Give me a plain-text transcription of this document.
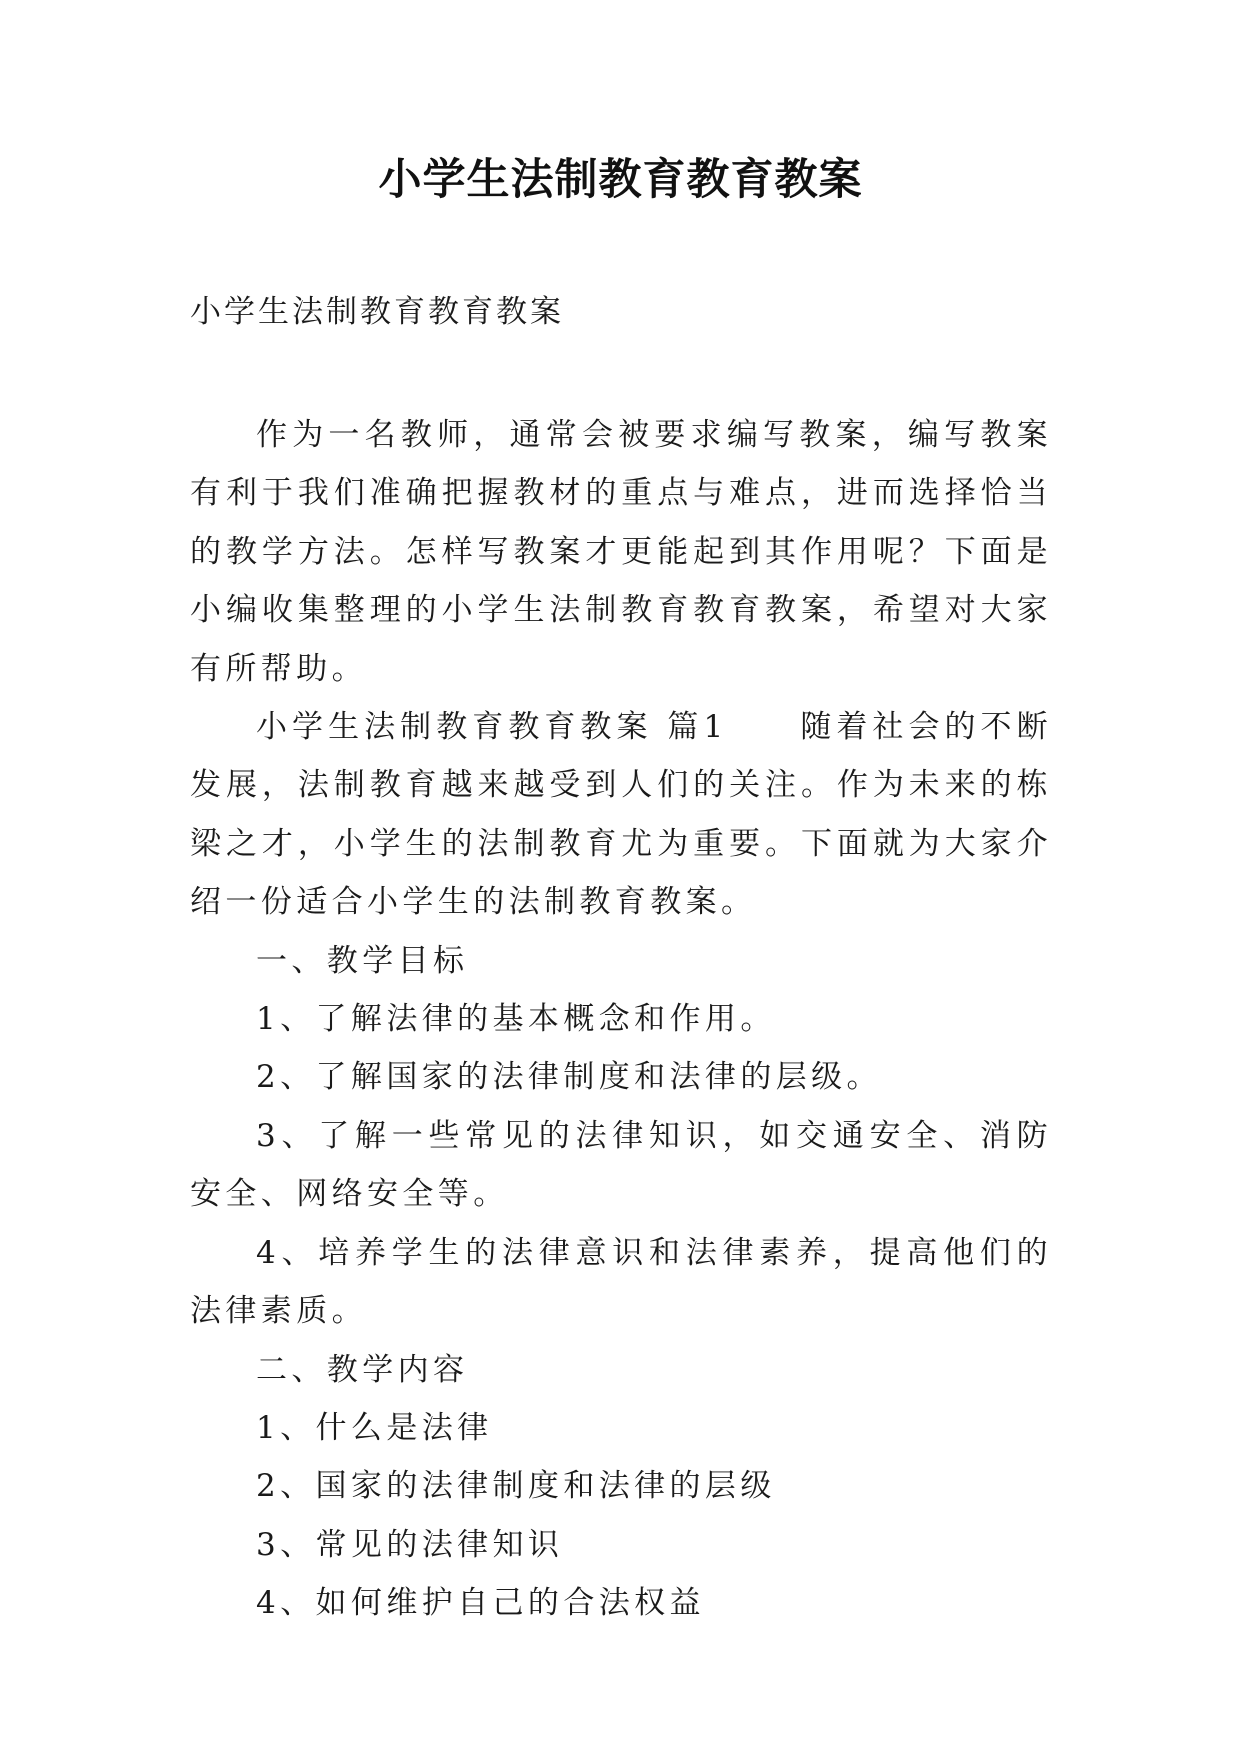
小学生法制教育教育教案

小学生法制教育教育教案

作为一名教师，通常会被要求编写教案，编写教案有利于我们准确把握教材的重点与难点，进而选择恰当的教学方法。怎样写教案才更能起到其作用呢？下面是小编收集整理的小学生法制教育教育教案，希望对大家有所帮助。

小学生法制教育教育教案 篇1　　随着社会的不断发展，法制教育越来越受到人们的关注。作为未来的栋梁之才，小学生的法制教育尤为重要。下面就为大家介绍一份适合小学生的法制教育教案。

一、教学目标

1、了解法律的基本概念和作用。

2、了解国家的法律制度和法律的层级。

3、了解一些常见的法律知识，如交通安全、消防安全、网络安全等。

4、培养学生的法律意识和法律素养，提高他们的法律素质。

二、教学内容

1、什么是法律

2、国家的法律制度和法律的层级

3、常见的法律知识

4、如何维护自己的合法权益
